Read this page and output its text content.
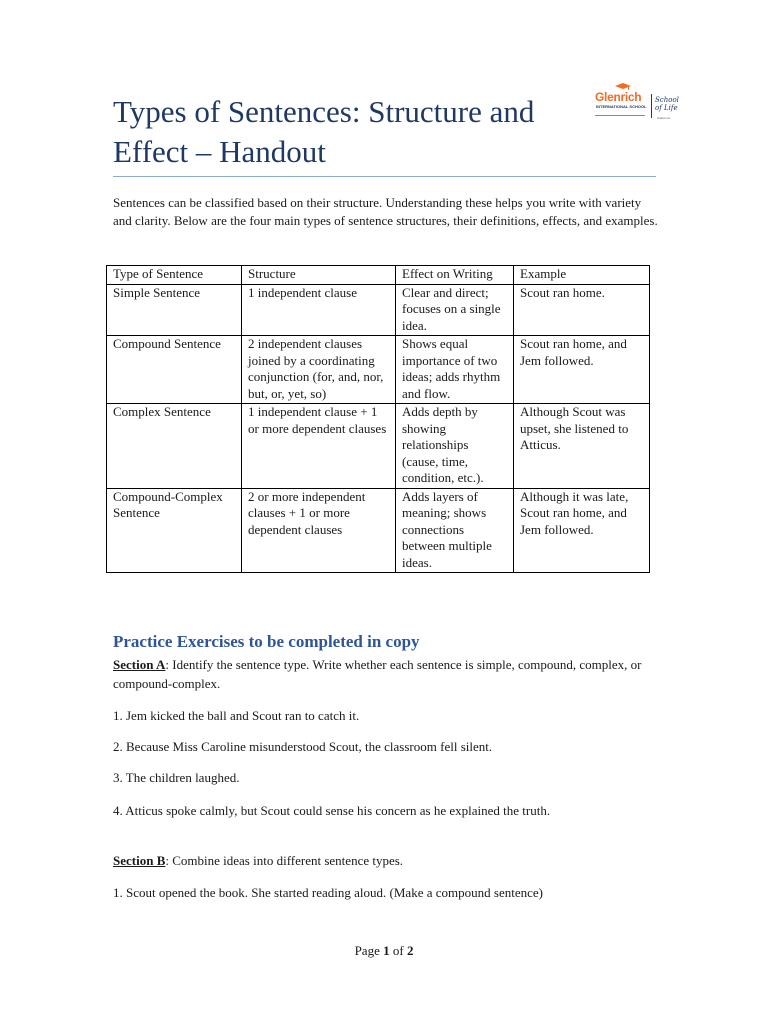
Types of Sentences: Structure and Effect – Handout
Glenrich
INTERNATIONAL SCHOOL
School of Life
Gaborone

Sentences can be classified based on their structure. Understanding these helps you write with variety and clarity. Below are the four main types of sentence structures, their definitions, effects, and examples.

Type of Sentence	Structure	Effect on Writing	Example
Simple Sentence	1 independent clause	Clear and direct; focuses on a single idea.	Scout ran home.
Compound Sentence	2 independent clauses joined by a coordinating conjunction (for, and, nor, but, or, yet, so)	Shows equal importance of two ideas; adds rhythm and flow.	Scout ran home, and Jem followed.
Complex Sentence	1 independent clause + 1 or more dependent clauses	Adds depth by showing relationships (cause, time, condition, etc.).	Although Scout was upset, she listened to Atticus.
Compound-Complex Sentence	2 or more independent clauses + 1 or more dependent clauses	Adds layers of meaning; shows connections between multiple ideas.	Although it was late, Scout ran home, and Jem followed.
Practice Exercises to be completed in copy

Section A: Identify the sentence type. Write whether each sentence is simple, compound, complex, or compound-complex.

1. Jem kicked the ball and Scout ran to catch it.

2. Because Miss Caroline misunderstood Scout, the classroom fell silent.

3. The children laughed.

4. Atticus spoke calmly, but Scout could sense his concern as he explained the truth.

Section B: Combine ideas into different sentence types.

1. Scout opened the book. She started reading aloud. (Make a compound sentence)

Page 1 of 2
